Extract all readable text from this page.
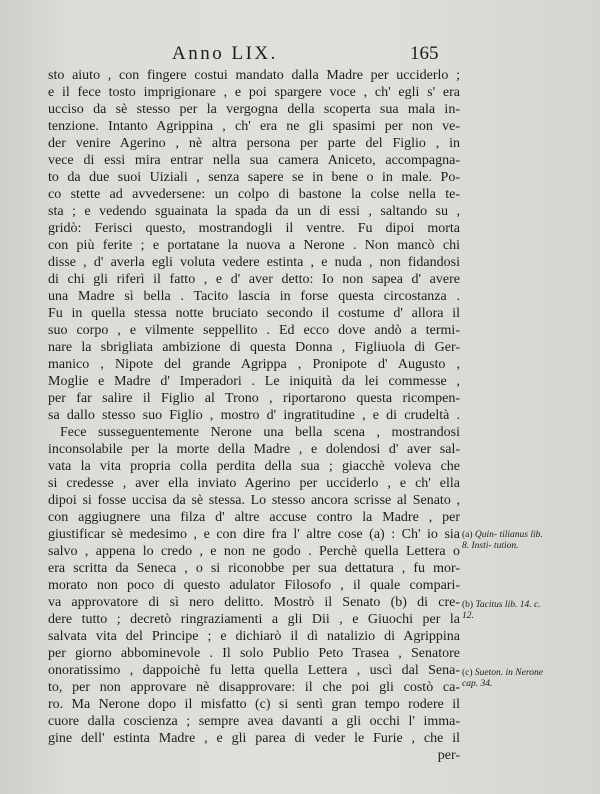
Anno LIX.	165
sto aiuto , con fingere costui mandato dalla Madre per ucciderlo ;
e il fece tosto imprigionare , e poi spargere voce , ch' egli s' era
ucciso da sè stesso per la vergogna della scoperta sua mala in-
tenzione. Intanto Agrippina , ch' era ne gli spasimi per non ve-
der venire Agerino , nè altra persona per parte del Figlio , in
vece di essi mira entrar nella sua camera Aniceto, accompagna-
to da due suoi Uiziali , senza sapere se in bene o in male. Po-
co stette ad avvedersene: un colpo di bastone la colse nella te-
sta ; e vedendo sguainata la spada da un di essi , saltando su ,
gridò: Ferisci questo, mostrandogli il ventre. Fu dipoi morta
con più ferite ; e portatane la nuova a Nerone . Non mancò chi
disse , d' averla egli voluta vedere estinta , e nuda , non fidandosi
di chi gli riferì il fatto , e d' aver detto: Io non sapea d' avere
una Madre sì bella . Tacito lascia in forse questa circostanza .
Fu in quella stessa notte bruciato secondo il costume d' allora il
suo corpo , e vilmente seppellito . Ed ecco dove andò a termi-
nare la sbrigliata ambizione di questa Donna , Figliuola di Ger-
manico , Nipote del grande Agrippa , Pronipote d' Augusto ,
Moglie e Madre d' Imperadori . Le iniquità da lei commesse ,
per far salire il Figlio al Trono , riportarono questa ricompen-
sa dallo stesso suo Figlio , mostro d' ingratitudine , e di crudeltà .
Fece susseguentemente Nerone una bella scena , mostrandosi
inconsolabile per la morte della Madre , e dolendosi d' aver sal-
vata la vita propria colla perdita della sua ; giacchè voleva che
si credesse , aver ella inviato Agerino per ucciderlo , e ch' ella
dipoi si fosse uccisa da sè stessa. Lo stesso ancora scrisse al Senato ,
con aggiugnere una filza d' altre accuse contro la Madre , per
giustificar sè medesimo , e con dire fra l' altre cose (a) : Ch' io sia
salvo , appena lo credo , e non ne godo . Perchè quella Lettera o
era scritta da Seneca , o si riconobbe per sua dettatura , fu mor-
morato non poco di questo adulator Filosofo , il quale compari-
va approvatore di sì nero delitto. Mostrò il Senato (b) di cre-
dere tutto ; decretò ringraziamenti a gli Dii , e Giuochi per la
salvata vita del Principe ; e dichiarò il dì natalizio di Agrippina
per giorno abbominevole . Il solo Publio Peto Trasea , Senatore
onoratissimo , dappoichè fu letta quella Lettera , uscì dal Sena-
to, per non approvare nè disapprovare: il che poi gli costò ca-
ro. Ma Nerone dopo il misfatto (c) si sentì gran tempo rodere il
cuore dalla coscienza ; sempre avea davanti a gli occhi l' imma-
gine dell' estinta Madre , e gli parea di veder le Furie , che il
per-
(a) Quin- tilianus lib. 8. Insti- tution.
(b) Tacitus lib. 14. c. 12.
(c) Sueton. in Nerone cap. 34.
